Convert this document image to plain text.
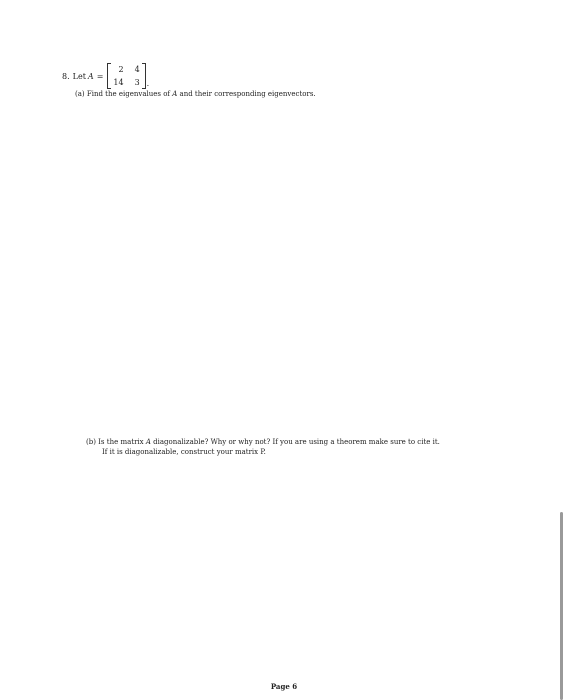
8. Let A =
2 4
14 3 .
(a) Find the eigenvalues of A and their corresponding eigenvectors.
(b) Is the matrix A diagonalizable? Why or why not? If you are using a theorem make sure to cite it.
If it is diagonalizable, construct your matrix P.
Page 6
